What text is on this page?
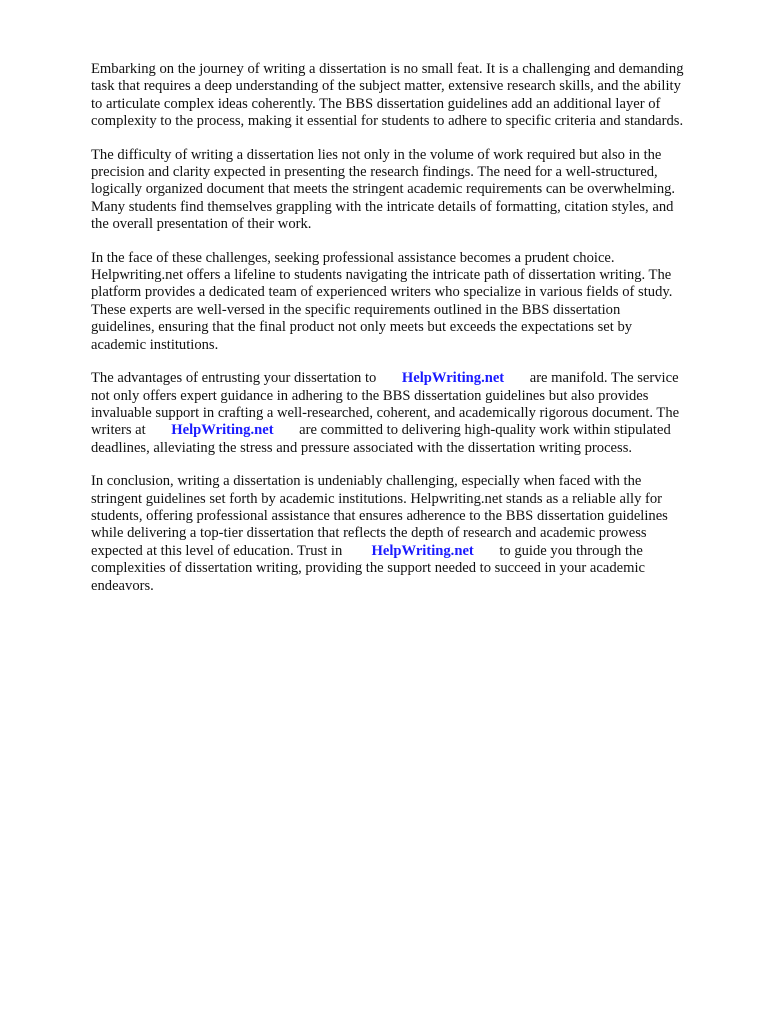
Embarking on the journey of writing a dissertation is no small feat. It is a challenging and demanding
task that requires a deep understanding of the subject matter, extensive research skills, and the ability
to articulate complex ideas coherently. The BBS dissertation guidelines add an additional layer of
complexity to the process, making it essential for students to adhere to specific criteria and standards.

The difficulty of writing a dissertation lies not only in the volume of work required but also in the
precision and clarity expected in presenting the research findings. The need for a well-structured,
logically organized document that meets the stringent academic requirements can be overwhelming.
Many students find themselves grappling with the intricate details of formatting, citation styles, and
the overall presentation of their work.

In the face of these challenges, seeking professional assistance becomes a prudent choice.
Helpwriting.net offers a lifeline to students navigating the intricate path of dissertation writing. The
platform provides a dedicated team of experienced writers who specialize in various fields of study.
These experts are well-versed in the specific requirements outlined in the BBS dissertation
guidelines, ensuring that the final product not only meets but exceeds the expectations set by
academic institutions.

The advantages of entrusting your dissertation to HelpWriting.net are manifold. The service
not only offers expert guidance in adhering to the BBS dissertation guidelines but also provides
invaluable support in crafting a well-researched, coherent, and academically rigorous document. The
writers at HelpWriting.net are committed to delivering high-quality work within stipulated
deadlines, alleviating the stress and pressure associated with the dissertation writing process.

In conclusion, writing a dissertation is undeniably challenging, especially when faced with the
stringent guidelines set forth by academic institutions. Helpwriting.net stands as a reliable ally for
students, offering professional assistance that ensures adherence to the BBS dissertation guidelines
while delivering a top-tier dissertation that reflects the depth of research and academic prowess
expected at this level of education. Trust in HelpWriting.net to guide you through the
complexities of dissertation writing, providing the support needed to succeed in your academic
endeavors.
